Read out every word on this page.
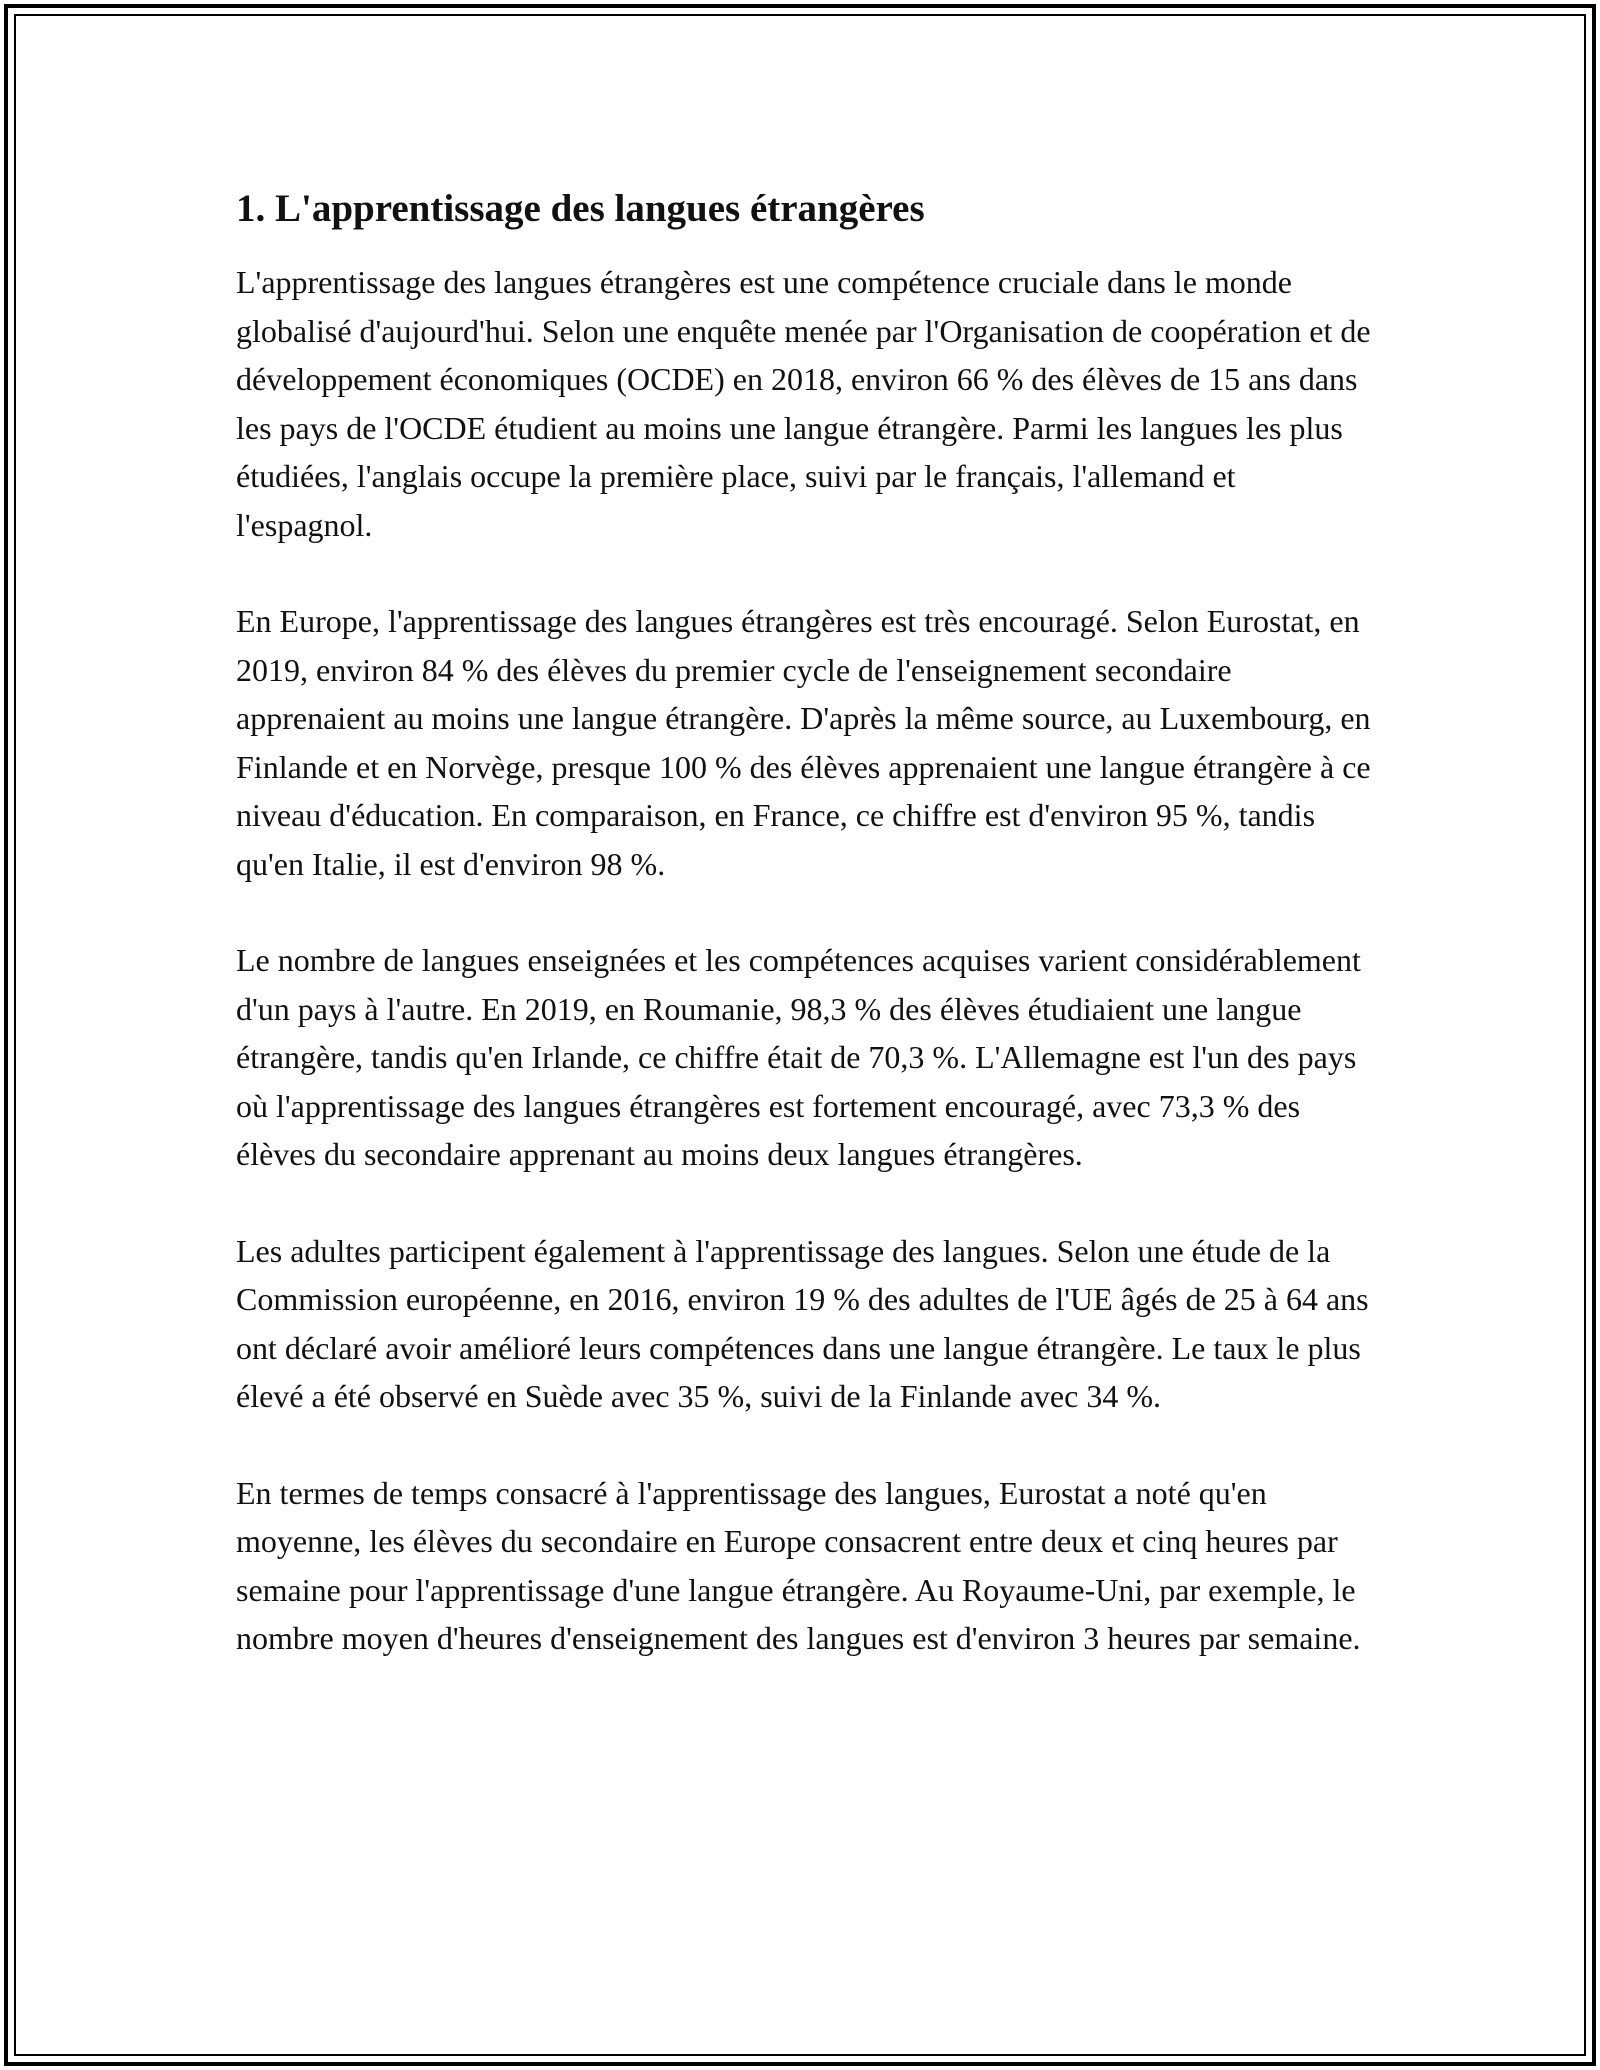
1. L'apprentissage des langues étrangères

L'apprentissage des langues étrangères est une compétence cruciale dans le monde globalisé d'aujourd'hui. Selon une enquête menée par l'Organisation de coopération et de développement économiques (OCDE) en 2018, environ 66 % des élèves de 15 ans dans les pays de l'OCDE étudient au moins une langue étrangère. Parmi les langues les plus étudiées, l'anglais occupe la première place, suivi par le français, l'allemand et l'espagnol.

En Europe, l'apprentissage des langues étrangères est très encouragé. Selon Eurostat, en 2019, environ 84 % des élèves du premier cycle de l'enseignement secondaire apprenaient au moins une langue étrangère. D'après la même source, au Luxembourg, en Finlande et en Norvège, presque 100 % des élèves apprenaient une langue étrangère à ce niveau d'éducation. En comparaison, en France, ce chiffre est d'environ 95 %, tandis qu'en Italie, il est d'environ 98 %.

Le nombre de langues enseignées et les compétences acquises varient considérablement d'un pays à l'autre. En 2019, en Roumanie, 98,3 % des élèves étudiaient une langue étrangère, tandis qu'en Irlande, ce chiffre était de 70,3 %. L'Allemagne est l'un des pays où l'apprentissage des langues étrangères est fortement encouragé, avec 73,3 % des élèves du secondaire apprenant au moins deux langues étrangères.

Les adultes participent également à l'apprentissage des langues. Selon une étude de la Commission européenne, en 2016, environ 19 % des adultes de l'UE âgés de 25 à 64 ans ont déclaré avoir amélioré leurs compétences dans une langue étrangère. Le taux le plus élevé a été observé en Suède avec 35 %, suivi de la Finlande avec 34 %.

En termes de temps consacré à l'apprentissage des langues, Eurostat a noté qu'en moyenne, les élèves du secondaire en Europe consacrent entre deux et cinq heures par semaine pour l'apprentissage d'une langue étrangère. Au Royaume-Uni, par exemple, le nombre moyen d'heures d'enseignement des langues est d'environ 3 heures par semaine.
